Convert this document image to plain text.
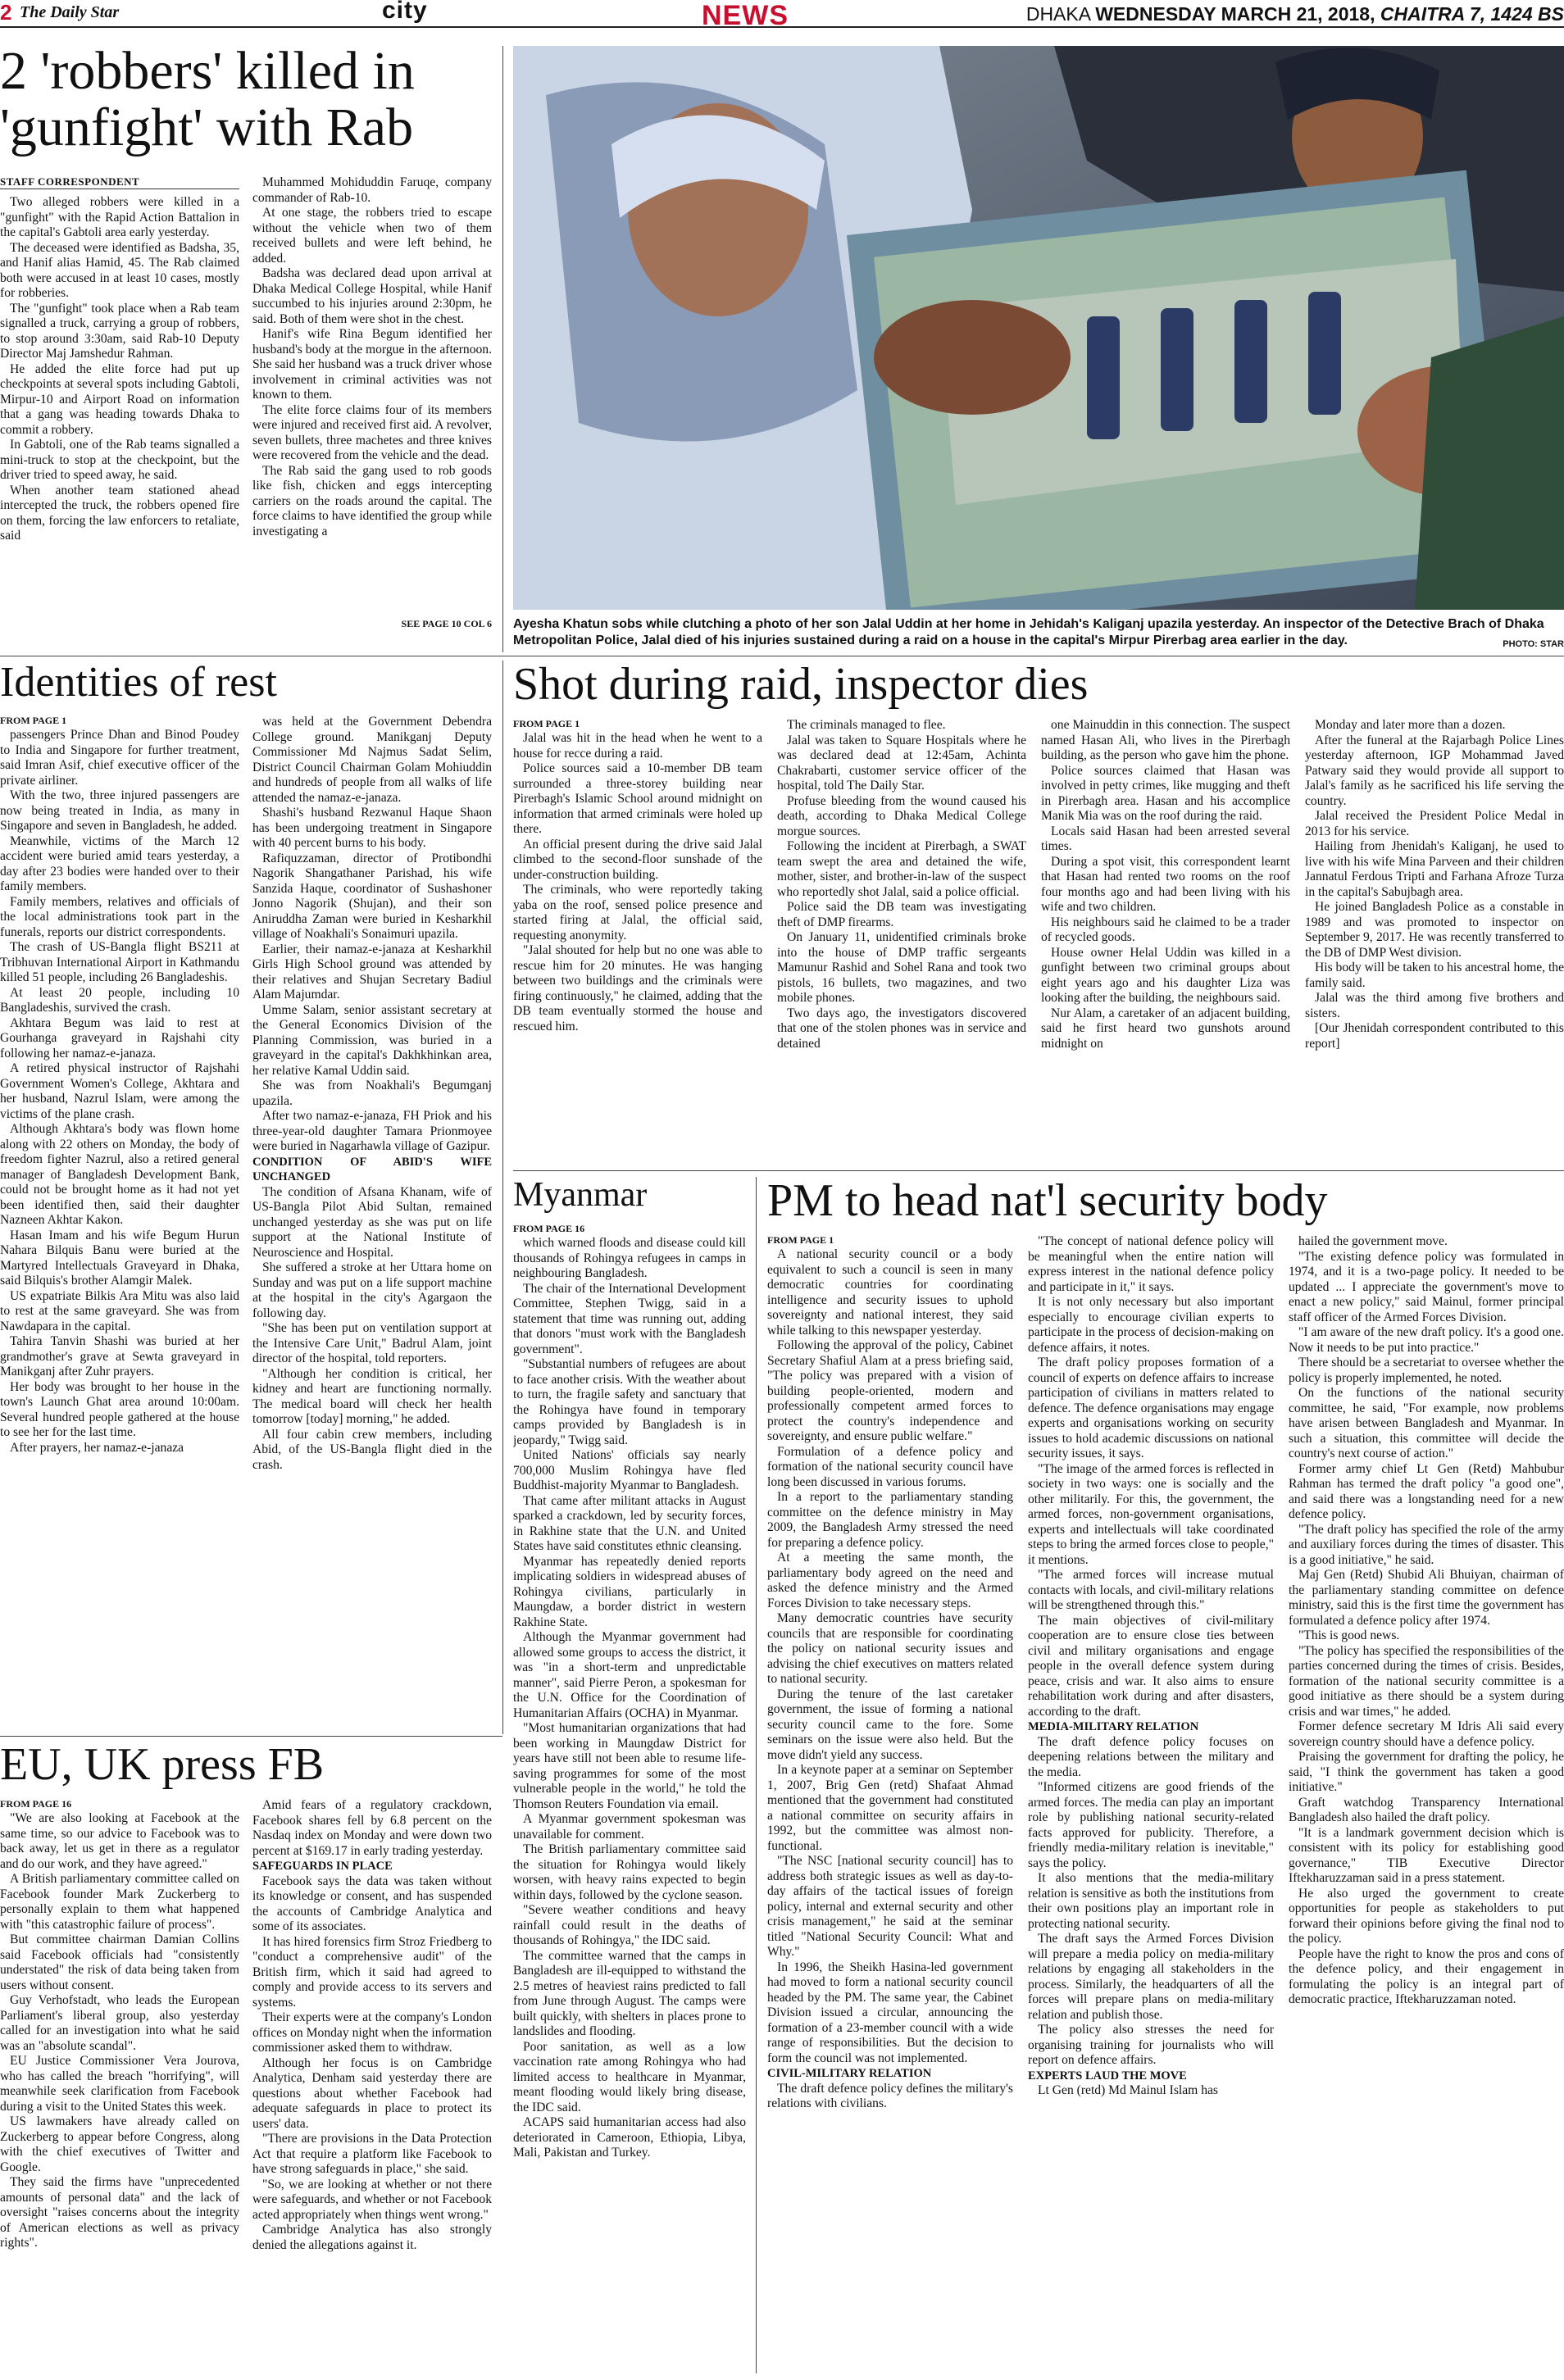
2 The Daily Star	city	NEWS	DHAKA WEDNESDAY MARCH 21, 2018, CHAITRA 7, 1424 BS
2 'robbers' killed in 'gunfight' with Rab
STAFF CORRESPONDENT

Two alleged robbers were killed in a "gunfight" with the Rapid Action Battalion in the capital's Gabtoli area early yesterday.

The deceased were identified as Badsha, 35, and Hanif alias Hamid, 45. The Rab claimed both were accused in at least 10 cases, mostly for robberies.

The "gunfight" took place when a Rab team signalled a truck, carrying a group of robbers, to stop around 3:30am, said Rab-10 Deputy Director Maj Jamshedur Rahman.

He added the elite force had put up checkpoints at several spots including Gabtoli, Mirpur-10 and Airport Road on information that a gang was heading towards Dhaka to commit a robbery.

In Gabtoli, one of the Rab teams signalled a mini-truck to stop at the checkpoint, but the driver tried to speed away, he said.

When another team stationed ahead intercepted the truck, the robbers opened fire on them, forcing the law enforcers to retaliate, said

Muhammed Mohiduddin Faruqe, company commander of Rab-10.

At one stage, the robbers tried to escape without the vehicle when two of them received bullets and were left behind, he added.

Badsha was declared dead upon arrival at Dhaka Medical College Hospital, while Hanif succumbed to his injuries around 2:30pm, he said. Both of them were shot in the chest.

Hanif's wife Rina Begum identified her husband's body at the morgue in the afternoon. She said her husband was a truck driver whose involvement in criminal activities was not known to them.

The elite force claims four of its members were injured and received first aid. A revolver, seven bullets, three machetes and three knives were recovered from the vehicle and the dead.

The Rab said the gang used to rob goods like fish, chicken and eggs intercepting carriers on the roads around the capital. The force claims to have identified the group while investigating a

SEE PAGE 10 COL 6 Ayesha Khatun sobs while clutching a photo of her son Jalal Uddin at her home in Jehidah's Kaliganj upazila yesterday. An inspector of the Detective Brach of Dhaka Metropolitan Police, Jalal died of his injuries sustained during a raid on a house in the capital's Mirpur Pirerbag area earlier in the day.	PHOTO: STAR
Identities of rest
FROM PAGE 1

passengers Prince Dhan and Binod Poudey to India and Singapore for further treatment, said Imran Asif, chief executive officer of the private airliner.

With the two, three injured passengers are now being treated in India, as many in Singapore and seven in Bangladesh, he added.

Meanwhile, victims of the March 12 accident were buried amid tears yesterday, a day after 23 bodies were handed over to their family members.

Family members, relatives and officials of the local administrations took part in the funerals, reports our district correspondents.

The crash of US-Bangla flight BS211 at Tribhuvan International Airport in Kathmandu killed 51 people, including 26 Bangladeshis.

At least 20 people, including 10 Bangladeshis, survived the crash.

Akhtara Begum was laid to rest at Gourhanga graveyard in Rajshahi city following her namaz-e-janaza.

A retired physical instructor of Rajshahi Government Women's College, Akhtara and her husband, Nazrul Islam, were among the victims of the plane crash.

Although Akhtara's body was flown home along with 22 others on Monday, the body of freedom fighter Nazrul, also a retired general manager of Bangladesh Development Bank, could not be brought home as it had not yet been identified then, said their daughter Nazneen Akhtar Kakon.

Hasan Imam and his wife Begum Hurun Nahara Bilquis Banu were buried at the Martyred Intellectuals Graveyard in Dhaka, said Bilquis's brother Alamgir Malek.

US expatriate Bilkis Ara Mitu was also laid to rest at the same graveyard. She was from Nawdapara in the capital.

Tahira Tanvin Shashi was buried at her grandmother's grave at Sewta graveyard in Manikganj after Zuhr prayers.

Her body was brought to her house in the town's Launch Ghat area around 10:00am. Several hundred people gathered at the house to see her for the last time.

After prayers, her namaz-e-janaza

was held at the Government Debendra College ground. Manikganj Deputy Commissioner Md Najmus Sadat Selim, District Council Chairman Golam Mohiuddin and hundreds of people from all walks of life attended the namaz-e-janaza.

Shashi's husband Rezwanul Haque Shaon has been undergoing treatment in Singapore with 40 percent burns to his body.

Rafiquzzaman, director of Protibondhi Nagorik Shangathaner Parishad, his wife Sanzida Haque, coordinator of Sushashoner Jonno Nagorik (Shujan), and their son Aniruddha Zaman were buried in Kesharkhil village of Noakhali's Sonaimuri upazila.

Earlier, their namaz-e-janaza at Kesharkhil Girls High School ground was attended by their relatives and Shujan Secretary Badiul Alam Majumdar.

Umme Salam, senior assistant secretary at the General Economics Division of the Planning Commission, was buried in a graveyard in the capital's Dakhkhinkan area, her relative Kamal Uddin said.

She was from Noakhali's Begumganj upazila.

After two namaz-e-janaza, FH Priok and his three-year-old daughter Tamara Prionmoyee were buried in Nagarhawla village of Gazipur.

CONDITION OF ABID'S WIFE UNCHANGED

The condition of Afsana Khanam, wife of US-Bangla Pilot Abid Sultan, remained unchanged yesterday as she was put on life support at the National Institute of Neuroscience and Hospital.

She suffered a stroke at her Uttara home on Sunday and was put on a life support machine at the hospital in the city's Agargaon the following day.

"She has been put on ventilation support at the Intensive Care Unit," Badrul Alam, joint director of the hospital, told reporters.

"Although her condition is critical, her kidney and heart are functioning normally. The medical board will check her health tomorrow [today] morning," he added.

All four cabin crew members, including Abid, of the US-Bangla flight died in the crash.

Shot during raid, inspector dies
FROM PAGE 1

Jalal was hit in the head when he went to a house for recce during a raid.

Police sources said a 10-member DB team surrounded a three-storey building near Pirerbagh's Islamic School around midnight on information that armed criminals were holed up there.

An official present during the drive said Jalal climbed to the second-floor sunshade of the under-construction building.

The criminals, who were reportedly taking yaba on the roof, sensed police presence and started firing at Jalal, the official said, requesting anonymity.

"Jalal shouted for help but no one was able to rescue him for 20 minutes. He was hanging between two buildings and the criminals were firing continuously," he claimed, adding that the DB team eventually stormed the house and rescued him.

The criminals managed to flee.

Jalal was taken to Square Hospitals where he was declared dead at 12:45am, Achinta Chakrabarti, customer service officer of the hospital, told The Daily Star.

Profuse bleeding from the wound caused his death, according to Dhaka Medical College morgue sources.

Following the incident at Pirerbagh, a SWAT team swept the area and detained the wife, mother, sister, and brother-in-law of the suspect who reportedly shot Jalal, said a police official.

Police said the DB team was investigating theft of DMP firearms.

On January 11, unidentified criminals broke into the house of DMP traffic sergeants Mamunur Rashid and Sohel Rana and took two pistols, 16 bullets, two magazines, and two mobile phones.

Two days ago, the investigators discovered that one of the stolen phones was in service and detained

one Mainuddin in this connection. The suspect named Hasan Ali, who lives in the Pirerbagh building, as the person who gave him the phone.

Police sources claimed that Hasan was involved in petty crimes, like mugging and theft in Pirerbagh area. Hasan and his accomplice Manik Mia was on the roof during the raid.

Locals said Hasan had been arrested several times.

During a spot visit, this correspondent learnt that Hasan had rented two rooms on the roof four months ago and had been living with his wife and two children.

His neighbours said he claimed to be a trader of recycled goods.

House owner Helal Uddin was killed in a gunfight between two criminal groups about eight years ago and his daughter Liza was looking after the building, the neighbours said.

Nur Alam, a caretaker of an adjacent building, said he first heard two gunshots around midnight on

Monday and later more than a dozen.

After the funeral at the Rajarbagh Police Lines yesterday afternoon, IGP Mohammad Javed Patwary said they would provide all support to Jalal's family as he sacrificed his life serving the country.

Jalal received the President Police Medal in 2013 for his service.

Hailing from Jhenidah's Kaliganj, he used to live with his wife Mina Parveen and their children Jannatul Ferdous Tripti and Farhana Afroze Turza in the capital's Sabujbagh area.

He joined Bangladesh Police as a constable in 1989 and was promoted to inspector on September 9, 2017. He was recently transferred to the DB of DMP West division.

His body will be taken to his ancestral home, the family said.

Jalal was the third among five brothers and sisters.

[Our Jhenidah correspondent contributed to this report]

Myanmar
FROM PAGE 16

which warned floods and disease could kill thousands of Rohingya refugees in camps in neighbouring Bangladesh.

The chair of the International Development Committee, Stephen Twigg, said in a statement that time was running out, adding that donors "must work with the Bangladesh government".

"Substantial numbers of refugees are about to face another crisis. With the weather about to turn, the fragile safety and sanctuary that the Rohingya have found in temporary camps provided by Bangladesh is in jeopardy," Twigg said.

United Nations' officials say nearly 700,000 Muslim Rohingya have fled Buddhist-majority Myanmar to Bangladesh.

That came after militant attacks in August sparked a crackdown, led by security forces, in Rakhine state that the U.N. and United States have said constitutes ethnic cleansing.

Myanmar has repeatedly denied reports implicating soldiers in widespread abuses of Rohingya civilians, particularly in Maungdaw, a border district in western Rakhine State.

Although the Myanmar government had allowed some groups to access the district, it was "in a short-term and unpredictable manner", said Pierre Peron, a spokesman for the U.N. Office for the Coordination of Humanitarian Affairs (OCHA) in Myanmar.

"Most humanitarian organizations that had been working in Maungdaw District for years have still not been able to resume life-saving programmes for some of the most vulnerable people in the world," he told the Thomson Reuters Foundation via email.

A Myanmar government spokesman was unavailable for comment.

The British parliamentary committee said the situation for Rohingya would likely worsen, with heavy rains expected to begin within days, followed by the cyclone season.

"Severe weather conditions and heavy rainfall could result in the deaths of thousands of Rohingya," the IDC said.

The committee warned that the camps in Bangladesh are ill-equipped to withstand the 2.5 metres of heaviest rains predicted to fall from June through August. The camps were built quickly, with shelters in places prone to landslides and flooding.

Poor sanitation, as well as a low vaccination rate among Rohingya who had limited access to healthcare in Myanmar, meant flooding would likely bring disease, the IDC said.

ACAPS said humanitarian access had also deteriorated in Cameroon, Ethiopia, Libya, Mali, Pakistan and Turkey.

PM to head nat'l security body
FROM PAGE 1

A national security council or a body equivalent to such a council is seen in many democratic countries for coordinating intelligence and security issues to uphold sovereignty and national interest, they said while talking to this newspaper yesterday.

Following the approval of the policy, Cabinet Secretary Shafiul Alam at a press briefing said, "The policy was prepared with a vision of building people-oriented, modern and professionally competent armed forces to protect the country's independence and sovereignty, and ensure public welfare."

Formulation of a defence policy and formation of the national security council have long been discussed in various forums.

In a report to the parliamentary standing committee on the defence ministry in May 2009, the Bangladesh Army stressed the need for preparing a defence policy.

At a meeting the same month, the parliamentary body agreed on the need and asked the defence ministry and the Armed Forces Division to take necessary steps.

Many democratic countries have security councils that are responsible for coordinating the policy on national security issues and advising the chief executives on matters related to national security.

During the tenure of the last caretaker government, the issue of forming a national security council came to the fore. Some seminars on the issue were also held. But the move didn't yield any success.

In a keynote paper at a seminar on September 1, 2007, Brig Gen (retd) Shafaat Ahmad mentioned that the government had constituted a national committee on security affairs in 1992, but the committee was almost non-functional.

"The NSC [national security council] has to address both strategic issues as well as day-to-day affairs of the tactical issues of foreign policy, internal and external security and other crisis management," he said at the seminar titled "National Security Council: What and Why."

In 1996, the Sheikh Hasina-led government had moved to form a national security council headed by the PM. The same year, the Cabinet Division issued a circular, announcing the formation of a 23-member council with a wide range of responsibilities. But the decision to form the council was not implemented.

CIVIL-MILITARY RELATION

The draft defence policy defines the military's relations with civilians.

"The concept of national defence policy will be meaningful when the entire nation will express interest in the national defence policy and participate in it," it says.

It is not only necessary but also important especially to encourage civilian experts to participate in the process of decision-making on defence affairs, it notes.

The draft policy proposes formation of a council of experts on defence affairs to increase participation of civilians in matters related to defence. The defence organisations may engage experts and organisations working on security issues to hold academic discussions on national security issues, it says.

"The image of the armed forces is reflected in society in two ways: one is socially and the other militarily. For this, the government, the armed forces, non-government organisations, experts and intellectuals will take coordinated steps to bring the armed forces close to people," it mentions.

"The armed forces will increase mutual contacts with locals, and civil-military relations will be strengthened through this."

The main objectives of civil-military cooperation are to ensure close ties between civil and military organisations and engage people in the overall defence system during peace, crisis and war. It also aims to ensure rehabilitation work during and after disasters, according to the draft.

MEDIA-MILITARY RELATION

The draft defence policy focuses on deepening relations between the military and the media.

"Informed citizens are good friends of the armed forces. The media can play an important role by publishing national security-related facts approved for publicity. Therefore, a friendly media-military relation is inevitable," says the policy.

It also mentions that the media-military relation is sensitive as both the institutions from their own positions play an important role in protecting national security.

The draft says the Armed Forces Division will prepare a media policy on media-military relations by engaging all stakeholders in the process. Similarly, the headquarters of all the forces will prepare plans on media-military relation and publish those.

The policy also stresses the need for organising training for journalists who will report on defence affairs.

EXPERTS LAUD THE MOVE

Lt Gen (retd) Md Mainul Islam has

hailed the government move.

"The existing defence policy was formulated in 1974, and it is a two-page policy. It needed to be updated ... I appreciate the government's move to enact a new policy," said Mainul, former principal staff officer of the Armed Forces Division.

"I am aware of the new draft policy. It's a good one. Now it needs to be put into practice."

There should be a secretariat to oversee whether the policy is properly implemented, he noted.

On the functions of the national security committee, he said, "For example, now problems have arisen between Bangladesh and Myanmar. In such a situation, this committee will decide the country's next course of action."

Former army chief Lt Gen (Retd) Mahbubur Rahman has termed the draft policy "a good one", and said there was a longstanding need for a new defence policy.

"The draft policy has specified the role of the army and auxiliary forces during the times of disaster. This is a good initiative," he said.

Maj Gen (Retd) Shubid Ali Bhuiyan, chairman of the parliamentary standing committee on defence ministry, said this is the first time the government has formulated a defence policy after 1974.

"This is good news.

"The policy has specified the responsibilities of the parties concerned during the times of crisis. Besides, formation of the national security committee is a good initiative as there should be a system during crisis and war times," he added.

Former defence secretary M Idris Ali said every sovereign country should have a defence policy.

Praising the government for drafting the policy, he said, "I think the government has taken a good initiative."

Graft watchdog Transparency International Bangladesh also hailed the draft policy.

"It is a landmark government decision which is consistent with its policy for establishing good governance," TIB Executive Director Iftekharuzzaman said in a press statement.

He also urged the government to create opportunities for people as stakeholders to put forward their opinions before giving the final nod to the policy.

People have the right to know the pros and cons of the defence policy, and their engagement in formulating the policy is an integral part of democratic practice, Iftekharuzzaman noted.

EU, UK press FB
FROM PAGE 16

"We are also looking at Facebook at the same time, so our advice to Facebook was to back away, let us get in there as a regulator and do our work, and they have agreed."

A British parliamentary committee called on Facebook founder Mark Zuckerberg to personally explain to them what happened with "this catastrophic failure of process".

But committee chairman Damian Collins said Facebook officials had "consistently understated" the risk of data being taken from users without consent.

Guy Verhofstadt, who leads the European Parliament's liberal group, also yesterday called for an investigation into what he said was an "absolute scandal".

EU Justice Commissioner Vera Jourova, who has called the breach "horrifying", will meanwhile seek clarification from Facebook during a visit to the United States this week.

US lawmakers have already called on Zuckerberg to appear before Congress, along with the chief executives of Twitter and Google.

They said the firms have "unprecedented amounts of personal data" and the lack of oversight "raises concerns about the integrity of American elections as well as privacy rights".

Amid fears of a regulatory crackdown, Facebook shares fell by 6.8 percent on the Nasdaq index on Monday and were down two percent at $169.17 in early trading yesterday.

SAFEGUARDS IN PLACE

Facebook says the data was taken without its knowledge or consent, and has suspended the accounts of Cambridge Analytica and some of its associates.

It has hired forensics firm Stroz Friedberg to "conduct a comprehensive audit" of the British firm, which it said had agreed to comply and provide access to its servers and systems.

Their experts were at the company's London offices on Monday night when the information commissioner asked them to withdraw.

Although her focus is on Cambridge Analytica, Denham said yesterday there are questions about whether Facebook had adequate safeguards in place to protect its users' data.

"There are provisions in the Data Protection Act that require a platform like Facebook to have strong safeguards in place," she said.

"So, we are looking at whether or not there were safeguards, and whether or not Facebook acted appropriately when things went wrong."

Cambridge Analytica has also strongly denied the allegations against it.
